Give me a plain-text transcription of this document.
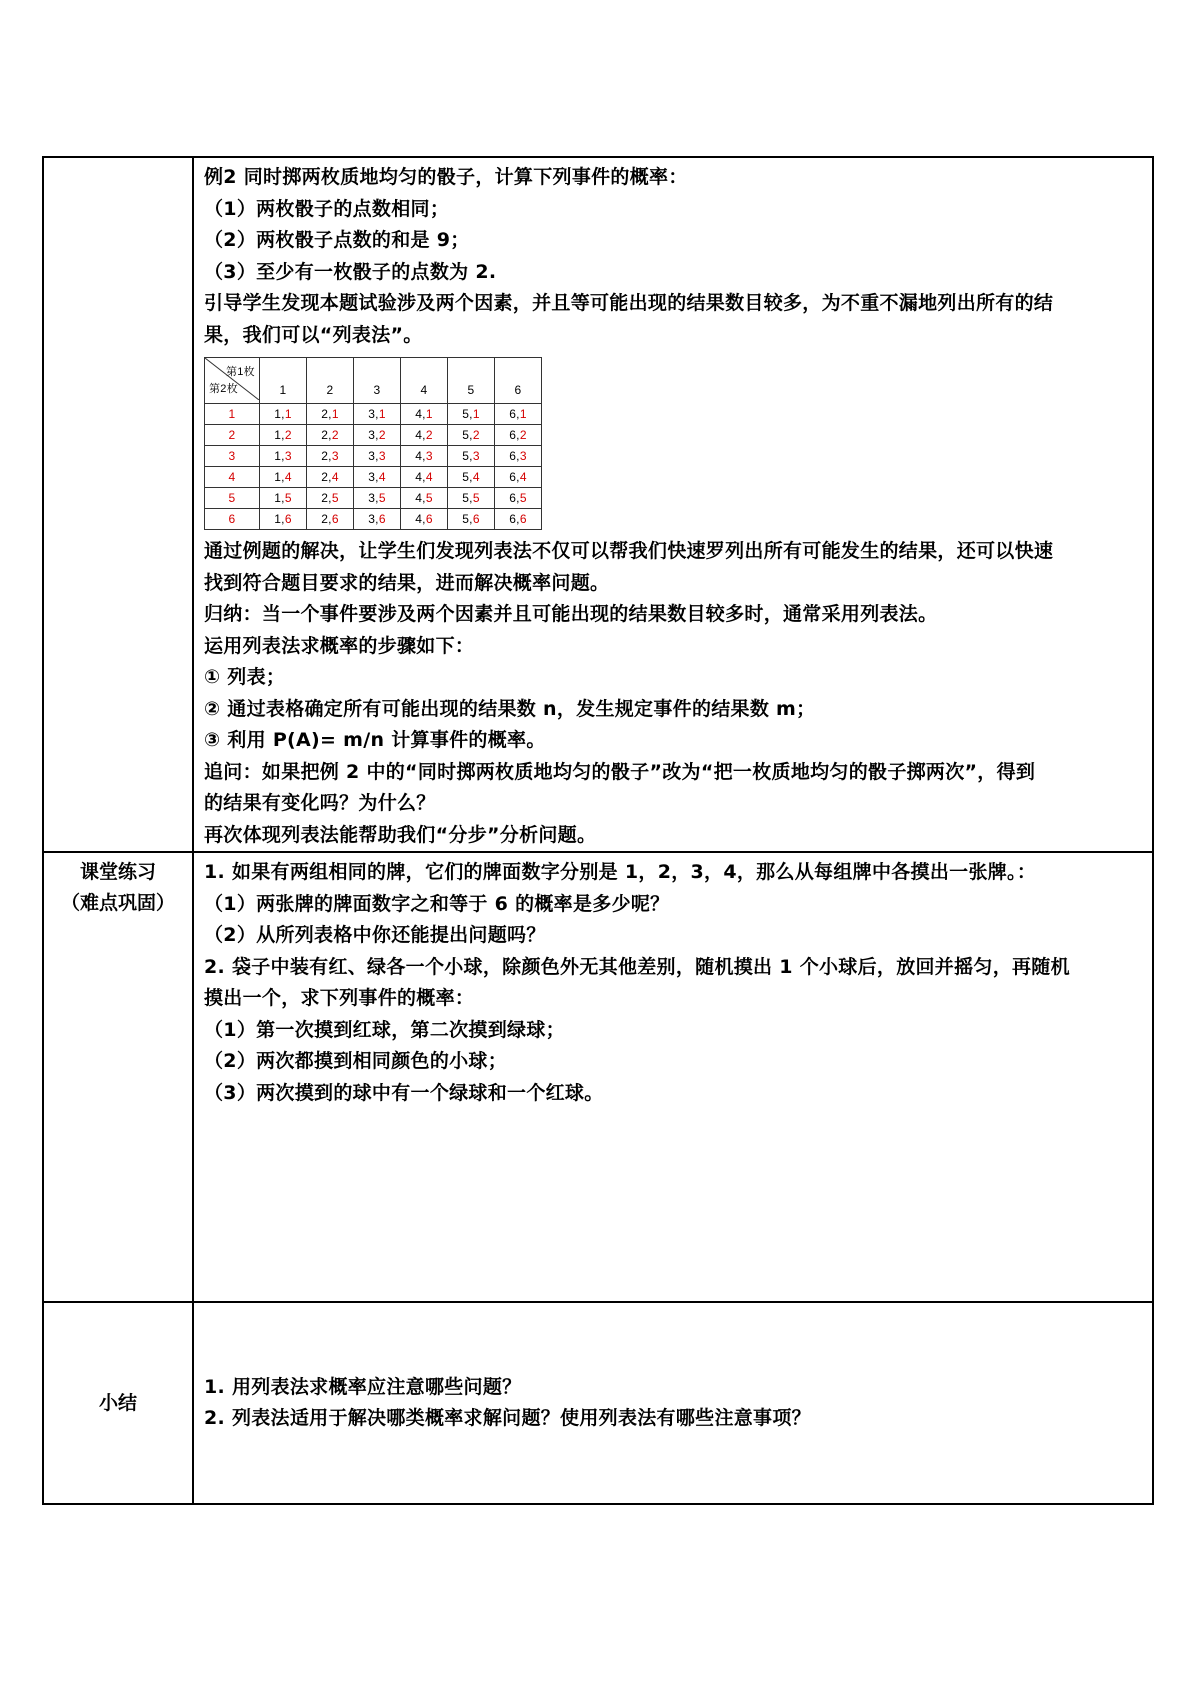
例2 同时掷两枚质地均匀的骰子，计算下列事件的概率：

（1）两枚骰子的点数相同；

（2）两枚骰子点数的和是 9；

（3）至少有一枚骰子的点数为 2.

引导学生发现本题试验涉及两个因素，并且等可能出现的结果数目较多，为不重不漏地列出所有的结

果，我们可以“列表法”。

第1枚
第2枚	1	2	3	4	5	6
1	1,1	2,1	3,1	4,1	5,1	6,1
2	1,2	2,2	3,2	4,2	5,2	6,2
3	1,3	2,3	3,3	4,3	5,3	6,3
4	1,4	2,4	3,4	4,4	5,4	6,4
5	1,5	2,5	3,5	4,5	5,5	6,5
6	1,6	2,6	3,6	4,6	5,6	6,6

通过例题的解决，让学生们发现列表法不仅可以帮我们快速罗列出所有可能发生的结果，还可以快速

找到符合题目要求的结果，进而解决概率问题。

归纳：当一个事件要涉及两个因素并且可能出现的结果数目较多时，通常采用列表法。

运用列表法求概率的步骤如下：

① 列表；

② 通过表格确定所有可能出现的结果数 n，发生规定事件的结果数 m；

③ 利用 P(A)= m/n 计算事件的概率。

追问：如果把例 2 中的“同时掷两枚质地均匀的骰子”改为“把一枚质地均匀的骰子掷两次”，得到

的结果有变化吗？为什么？

再次体现列表法能帮助我们“分步”分析问题。

课堂练习
（难点巩固）

1. 如果有两组相同的牌，它们的牌面数字分别是 1，2，3，4，那么从每组牌中各摸出一张牌。：

（1）两张牌的牌面数字之和等于 6 的概率是多少呢？

（2）从所列表格中你还能提出问题吗？

2. 袋子中装有红、绿各一个小球，除颜色外无其他差别，随机摸出 1 个小球后，放回并摇匀，再随机

摸出一个，求下列事件的概率：

（1）第一次摸到红球，第二次摸到绿球；

（2）两次都摸到相同颜色的小球；

（3）两次摸到的球中有一个绿球和一个红球。

小结	

1. 用列表法求概率应注意哪些问题？

2. 列表法适用于解决哪类概率求解问题？使用列表法有哪些注意事项？
